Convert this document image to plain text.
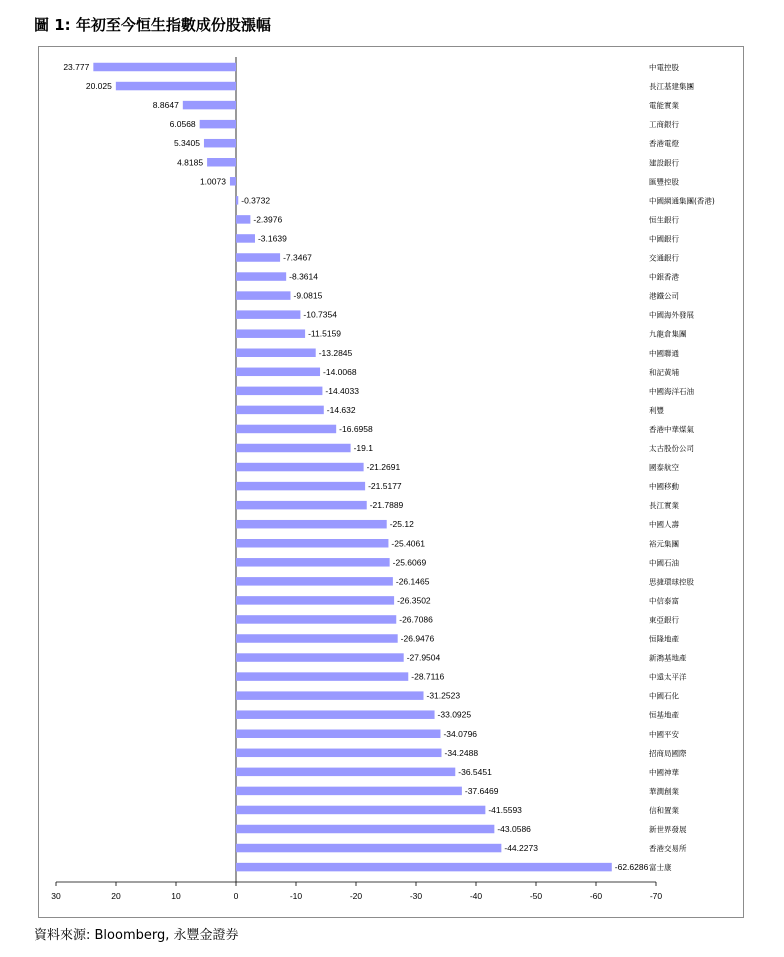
圖 1: 年初至今恒生指數成份股漲幅
30	20	10	0	-10	-20	-30	-40	-50	-60	-70
23.777	中電控股
20.025	長江基建集團
8.8647	電能實業
6.0568	工商銀行
5.3405	香港電燈
4.8185	建設銀行
1.0073	匯豐控股
-0.3732	中國網通集團(香港)
-2.3976	恒生銀行
-3.1639	中國銀行
-7.3467	交通銀行
-8.3614	中銀香港
-9.0815	港鐵公司
-10.7354	中國海外發展
-11.5159	九龍倉集團
-13.2845	中國聯通
-14.0068	和記黃埔
-14.4033	中國海洋石油
-14.632	利豐
-16.6958	香港中華煤氣
-19.1	太古股份公司
-21.2691	國泰航空
-21.5177	中國移動
-21.7889	長江實業
-25.12	中國人壽
-25.4061	裕元集團
-25.6069	中國石油
-26.1465	思捷環球控股
-26.3502	中信泰富
-26.7086	東亞銀行
-26.9476	恒隆地產
-27.9504	新鴻基地產
-28.7116	中遠太平洋
-31.2523	中國石化
-33.0925	恒基地產
-34.0796	中國平安
-34.2488	招商局國際
-36.5451	中國神華
-37.6469	華潤創業
-41.5593	信和置業
-43.0586	新世界發展
-44.2273	香港交易所
-62.6286 富士康
資料來源: Bloomberg, 永豐金證券
